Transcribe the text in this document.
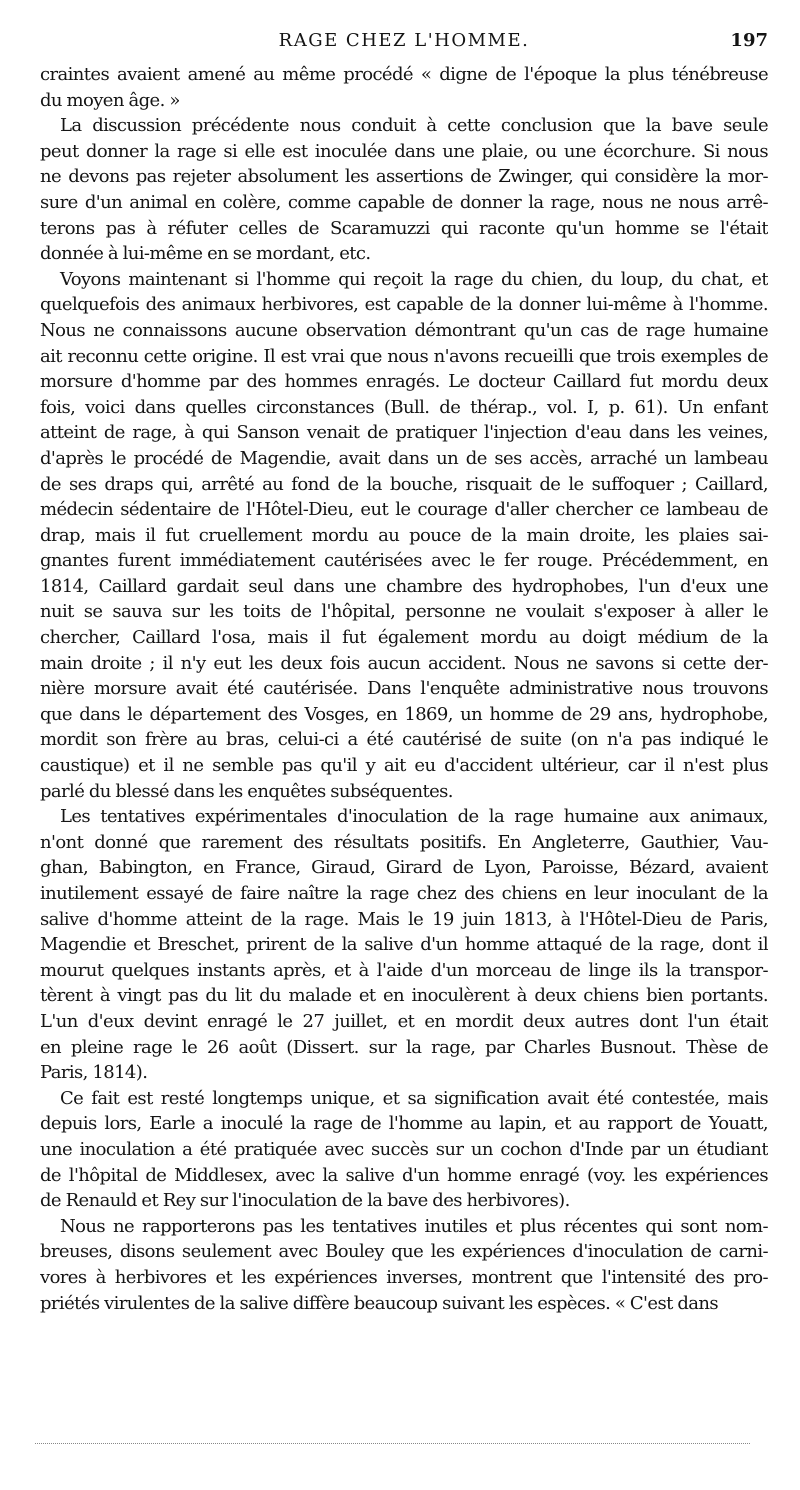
RAGE CHEZ L'HOMME.	197
craintes avaient amené au même procédé « digne de l'époque la plus ténébreuse
du moyen âge. »
La discussion précédente nous conduit à cette conclusion que la bave seule
peut donner la rage si elle est inoculée dans une plaie, ou une écorchure. Si nous
ne devons pas rejeter absolument les assertions de Zwinger, qui considère la mor-
sure d'un animal en colère, comme capable de donner la rage, nous ne nous arrê-
terons pas à réfuter celles de Scaramuzzi qui raconte qu'un homme se l'était
donnée à lui-même en se mordant, etc.
Voyons maintenant si l'homme qui reçoit la rage du chien, du loup, du chat, et
quelquefois des animaux herbivores, est capable de la donner lui-même à l'homme.
Nous ne connaissons aucune observation démontrant qu'un cas de rage humaine
ait reconnu cette origine. Il est vrai que nous n'avons recueilli que trois exemples de
morsure d'homme par des hommes enragés. Le docteur Caillard fut mordu deux
fois, voici dans quelles circonstances (Bull. de thérap., vol. I, p. 61). Un enfant
atteint de rage, à qui Sanson venait de pratiquer l'injection d'eau dans les veines,
d'après le procédé de Magendie, avait dans un de ses accès, arraché un lambeau
de ses draps qui, arrêté au fond de la bouche, risquait de le suffoquer ; Caillard,
médecin sédentaire de l'Hôtel-Dieu, eut le courage d'aller chercher ce lambeau de
drap, mais il fut cruellement mordu au pouce de la main droite, les plaies sai-
gnantes furent immédiatement cautérisées avec le fer rouge. Précédemment, en
1814, Caillard gardait seul dans une chambre des hydrophobes, l'un d'eux une
nuit se sauva sur les toits de l'hôpital, personne ne voulait s'exposer à aller le
chercher, Caillard l'osa, mais il fut également mordu au doigt médium de la
main droite ; il n'y eut les deux fois aucun accident. Nous ne savons si cette der-
nière morsure avait été cautérisée. Dans l'enquête administrative nous trouvons
que dans le département des Vosges, en 1869, un homme de 29 ans, hydrophobe,
mordit son frère au bras, celui-ci a été cautérisé de suite (on n'a pas indiqué le
caustique) et il ne semble pas qu'il y ait eu d'accident ultérieur, car il n'est plus
parlé du blessé dans les enquêtes subséquentes.
Les tentatives expérimentales d'inoculation de la rage humaine aux animaux,
n'ont donné que rarement des résultats positifs. En Angleterre, Gauthier, Vau-
ghan, Babington, en France, Giraud, Girard de Lyon, Paroisse, Bézard, avaient
inutilement essayé de faire naître la rage chez des chiens en leur inoculant de la
salive d'homme atteint de la rage. Mais le 19 juin 1813, à l'Hôtel-Dieu de Paris,
Magendie et Breschet, prirent de la salive d'un homme attaqué de la rage, dont il
mourut quelques instants après, et à l'aide d'un morceau de linge ils la transpor-
tèrent à vingt pas du lit du malade et en inoculèrent à deux chiens bien portants.
L'un d'eux devint enragé le 27 juillet, et en mordit deux autres dont l'un était
en pleine rage le 26 août (Dissert. sur la rage, par Charles Busnout. Thèse de
Paris, 1814).
Ce fait est resté longtemps unique, et sa signification avait été contestée, mais
depuis lors, Earle a inoculé la rage de l'homme au lapin, et au rapport de Youatt,
une inoculation a été pratiquée avec succès sur un cochon d'Inde par un étudiant
de l'hôpital de Middlesex, avec la salive d'un homme enragé (voy. les expériences
de Renauld et Rey sur l'inoculation de la bave des herbivores).
Nous ne rapporterons pas les tentatives inutiles et plus récentes qui sont nom-
breuses, disons seulement avec Bouley que les expériences d'inoculation de carni-
vores à herbivores et les expériences inverses, montrent que l'intensité des pro-
priétés virulentes de la salive diffère beaucoup suivant les espèces. « C'est dans
